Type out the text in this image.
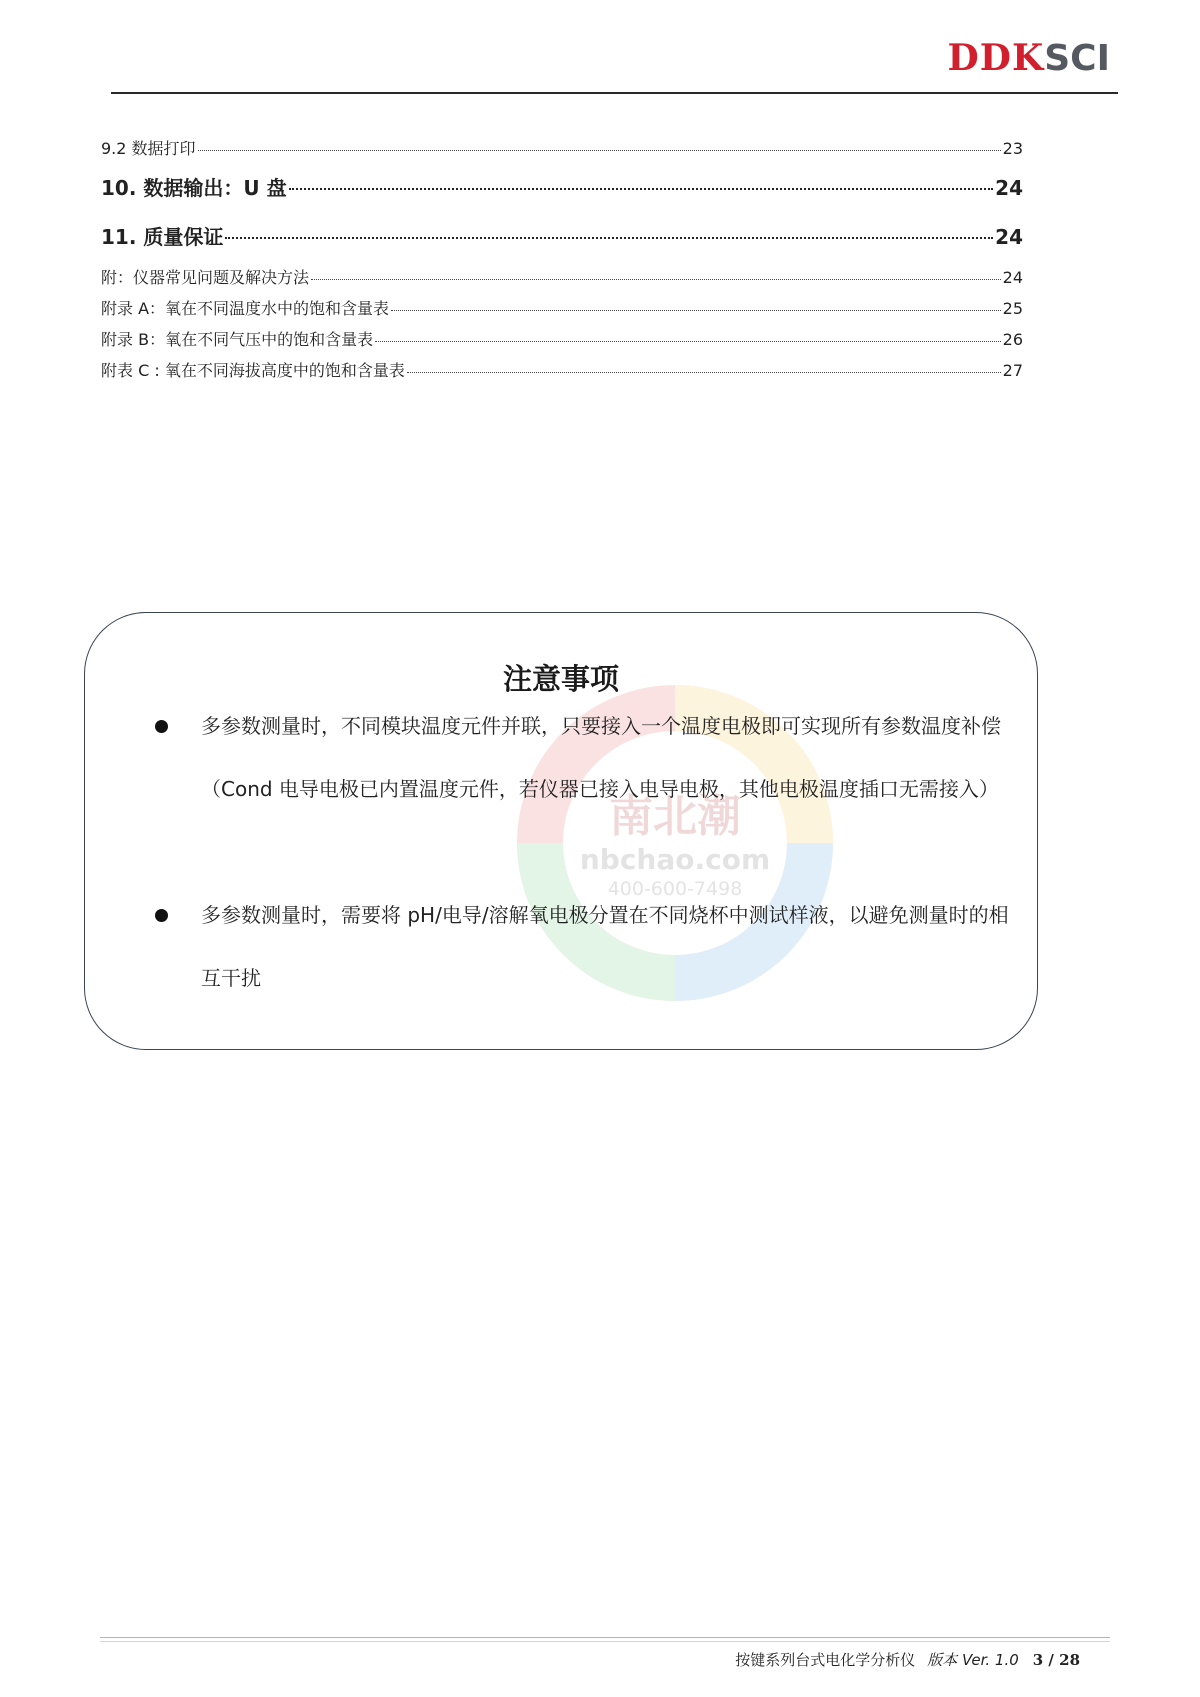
DDKSCI
9.2 数据打印	23
10. 数据输出：U 盘	24
11. 质量保证	24
附：仪器常见问题及解决方法	24
附录 A：氧在不同温度水中的饱和含量表	25
附录 B：氧在不同气压中的饱和含量表	26
附表 C : 氧在不同海拔高度中的饱和含量表	27
南北潮
nbchao.com
400-600-7498
注意事项
多参数测量时，不同模块温度元件并联，只要接入一个温度电极即可实现所有参数温度补偿（Cond 电导电极已内置温度元件，若仪器已接入电导电极，其他电极温度插口无需接入）
多参数测量时，需要将 pH/电导/溶解氧电极分置在不同烧杯中测试样液，以避免测量时的相互干扰
按键系列台式电化学分析仪 版本 Ver. 1.0 3 / 28
